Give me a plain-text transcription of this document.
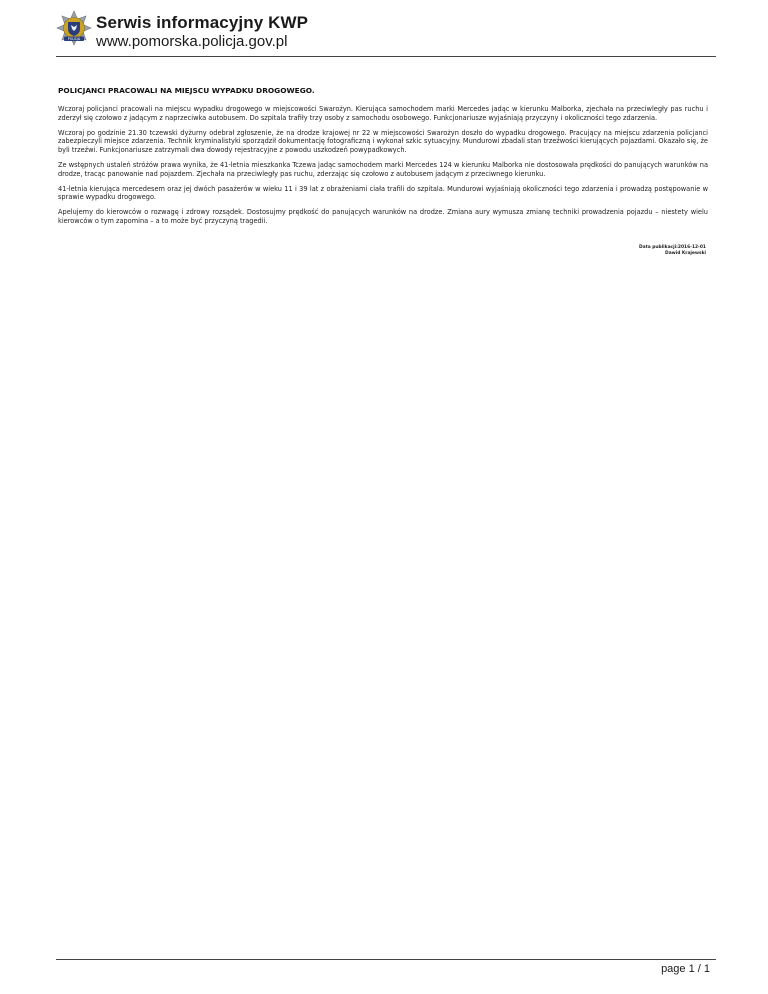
POLICJA
Serwis informacyjny KWP
www.pomorska.policja.gov.pl
POLICJANCI PRACOWALI NA MIEJSCU WYPADKU DROGOWEGO.

Wczoraj policjanci pracowali na miejscu wypadku drogowego w miejscowości Swarożyn. Kierująca samochodem marki Mercedes jadąc w kierunku Malborka, zjechała na przeciwległy pas ruchu i zderzył się czołowo z jadącym z naprzeciwka autobusem. Do szpitala trafiły trzy osoby z samochodu osobowego. Funkcjonariusze wyjaśniają przyczyny i okoliczności tego zdarzenia.

Wczoraj po godzinie 21.30 tczewski dyżurny odebrał zgłoszenie, że na drodze krajowej nr 22 w miejscowości Swarożyn doszło do wypadku drogowego. Pracujący na miejscu zdarzenia policjanci zabezpieczyli miejsce zdarzenia. Technik kryminalistyki sporządził dokumentację fotograficzną i wykonał szkic sytuacyjny. Mundurowi zbadali stan trzeźwości kierujących pojazdami. Okazało się, że byli trzeźwi. Funkcjonariusze zatrzymali dwa dowody rejestracyjne z powodu uszkodzeń powypadkowych.

Ze wstępnych ustaleń stróżów prawa wynika, że 41-letnia mieszkanka Tczewa jadąc samochodem marki Mercedes 124 w kierunku Malborka nie dostosowała prędkości do panujących warunków na drodze, tracąc panowanie nad pojazdem. Zjechała na przeciwległy pas ruchu, zderzając się czołowo z autobusem jadącym z przeciwnego kierunku.

41-letnia kierująca mercedesem oraz jej dwóch pasażerów w wieku 11 i 39 lat z obrażeniami ciała trafili do szpitala. Mundurowi wyjaśniają okoliczności tego zdarzenia i prowadzą postępowanie w sprawie wypadku drogowego.

Apelujemy do kierowców o rozwagę i zdrowy rozsądek. Dostosujmy prędkość do panujących warunków na drodze. Zmiana aury wymusza zmianę techniki prowadzenia pojazdu – niestety wielu kierowców o tym zapomina – a to może być przyczyną tragedii.

Data publikacji:2016-12-01
Dawid Krajewski
page 1 / 1
